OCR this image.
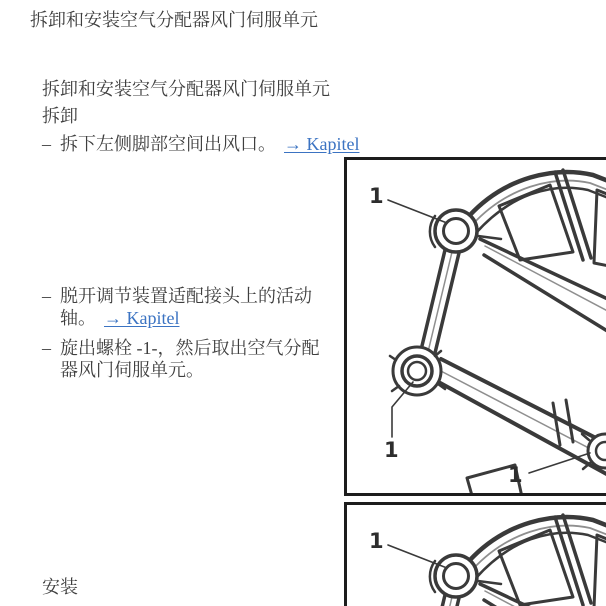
拆卸和安装空气分配器风门伺服单元
拆卸和安装空气分配器风门伺服单元
拆卸
– 拆下左侧脚部空间出风口。 → Kapitel
– 脱开调节装置适配接头上的活动
轴。 → Kapitel
– 旋出螺栓 -1-，然后取出空气分配
器风门伺服单元。
安装
1
1
1
1
